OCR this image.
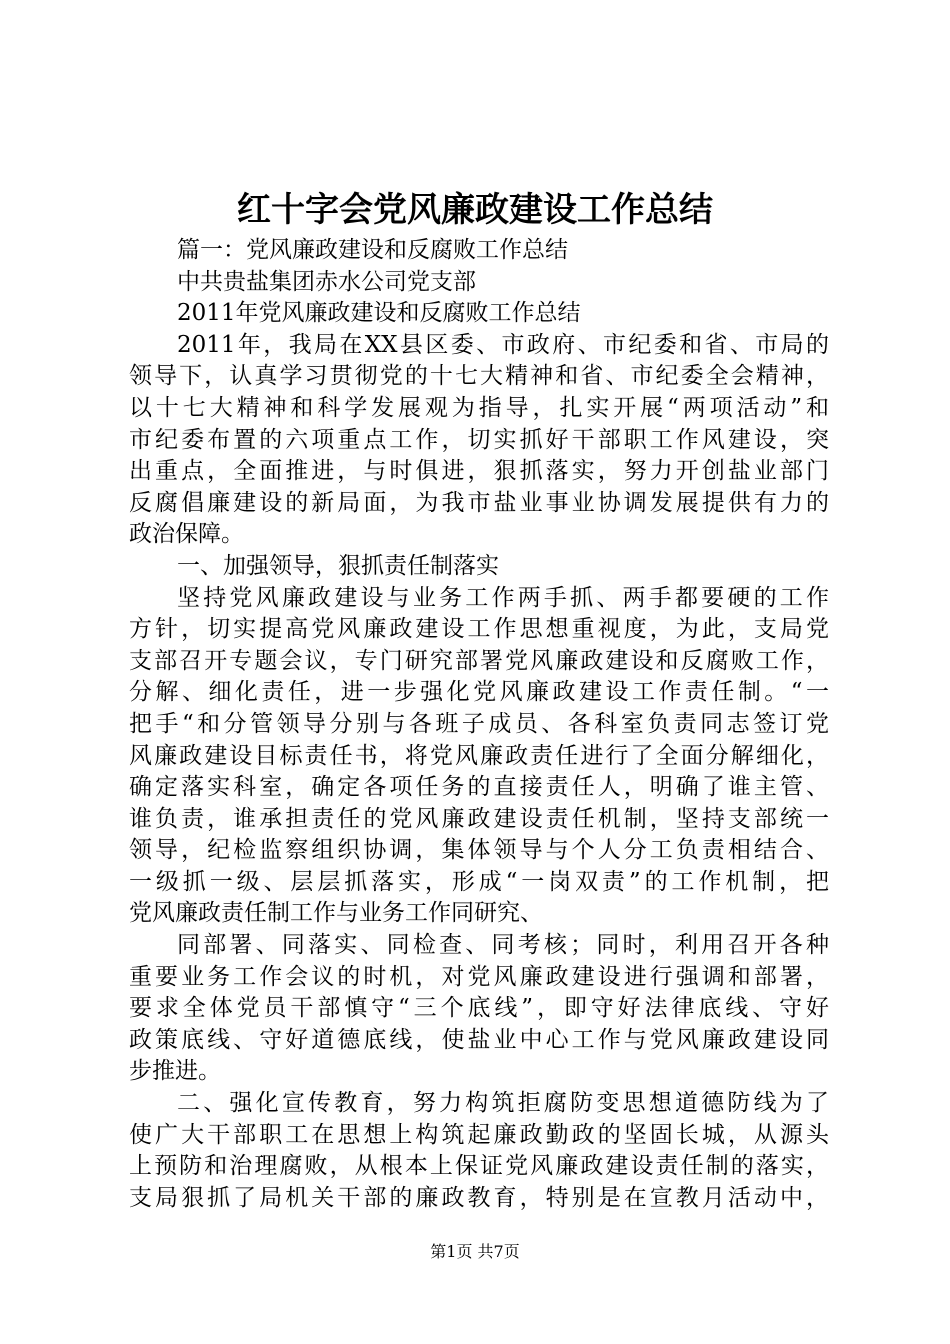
红十字会党风廉政建设工作总结
篇一：党风廉政建设和反腐败工作总结
中共贵盐集团赤水公司党支部
2011年党风廉政建设和反腐败工作总结
2011年，我局在XX县区委、市政府、市纪委和省、市局的
领导下，认真学习贯彻党的十七大精神和省、市纪委全会精神，
以十七大精神和科学发展观为指导，扎实开展“两项活动”和
市纪委布置的六项重点工作，切实抓好干部职工作风建设，突
出重点，全面推进，与时俱进，狠抓落实，努力开创盐业部门
反腐倡廉建设的新局面，为我市盐业事业协调发展提供有力的
政治保障。
一、加强领导，狠抓责任制落实
坚持党风廉政建设与业务工作两手抓、两手都要硬的工作
方针，切实提高党风廉政建设工作思想重视度，为此，支局党
支部召开专题会议，专门研究部署党风廉政建设和反腐败工作，
分解、细化责任，进一步强化党风廉政建设工作责任制。“一
把手“和分管领导分别与各班子成员、各科室负责同志签订党
风廉政建设目标责任书，将党风廉政责任进行了全面分解细化，
确定落实科室，确定各项任务的直接责任人，明确了谁主管、
谁负责，谁承担责任的党风廉政建设责任机制，坚持支部统一
领导，纪检监察组织协调，集体领导与个人分工负责相结合、
一级抓一级、层层抓落实，形成“一岗双责”的工作机制，把
党风廉政责任制工作与业务工作同研究、
同部署、同落实、同检查、同考核；同时，利用召开各种
重要业务工作会议的时机，对党风廉政建设进行强调和部署，
要求全体党员干部慎守“三个底线”，即守好法律底线、守好
政策底线、守好道德底线，使盐业中心工作与党风廉政建设同
步推进。
二、强化宣传教育，努力构筑拒腐防变思想道德防线为了
使广大干部职工在思想上构筑起廉政勤政的坚固长城，从源头
上预防和治理腐败，从根本上保证党风廉政建设责任制的落实，
支局狠抓了局机关干部的廉政教育，特别是在宣教月活动中，
第1页 共7页
